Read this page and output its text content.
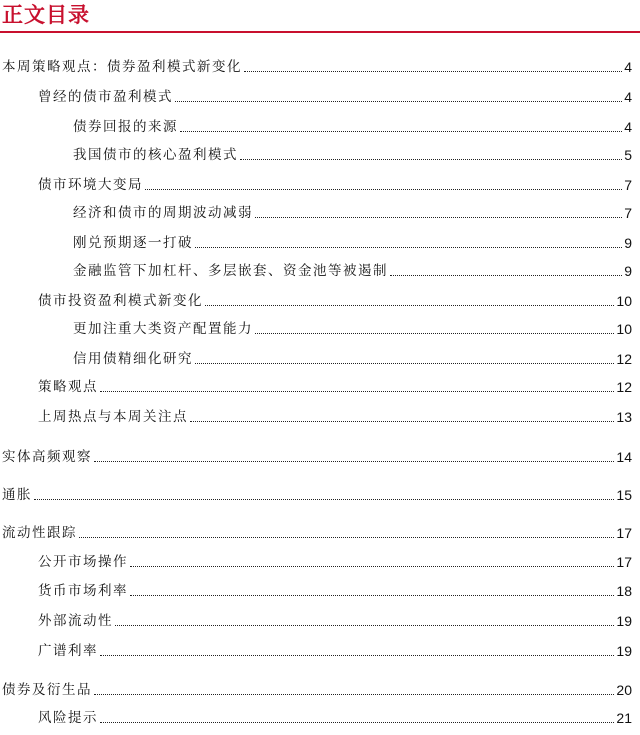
正文目录
本周策略观点：债券盈利模式新变化	4
曾经的债市盈利模式	4
债券回报的来源	4
我国债市的核心盈利模式	5
债市环境大变局	7
经济和债市的周期波动减弱	7
刚兑预期逐一打破	9
金融监管下加杠杆、多层嵌套、资金池等被遏制	9
债市投资盈利模式新变化	10
更加注重大类资产配置能力	10
信用债精细化研究	12
策略观点	12
上周热点与本周关注点	13
实体高频观察	14
通胀	15
流动性跟踪	17
公开市场操作	17
货币市场利率	18
外部流动性	19
广谱利率	19
债券及衍生品	20
风险提示	21
